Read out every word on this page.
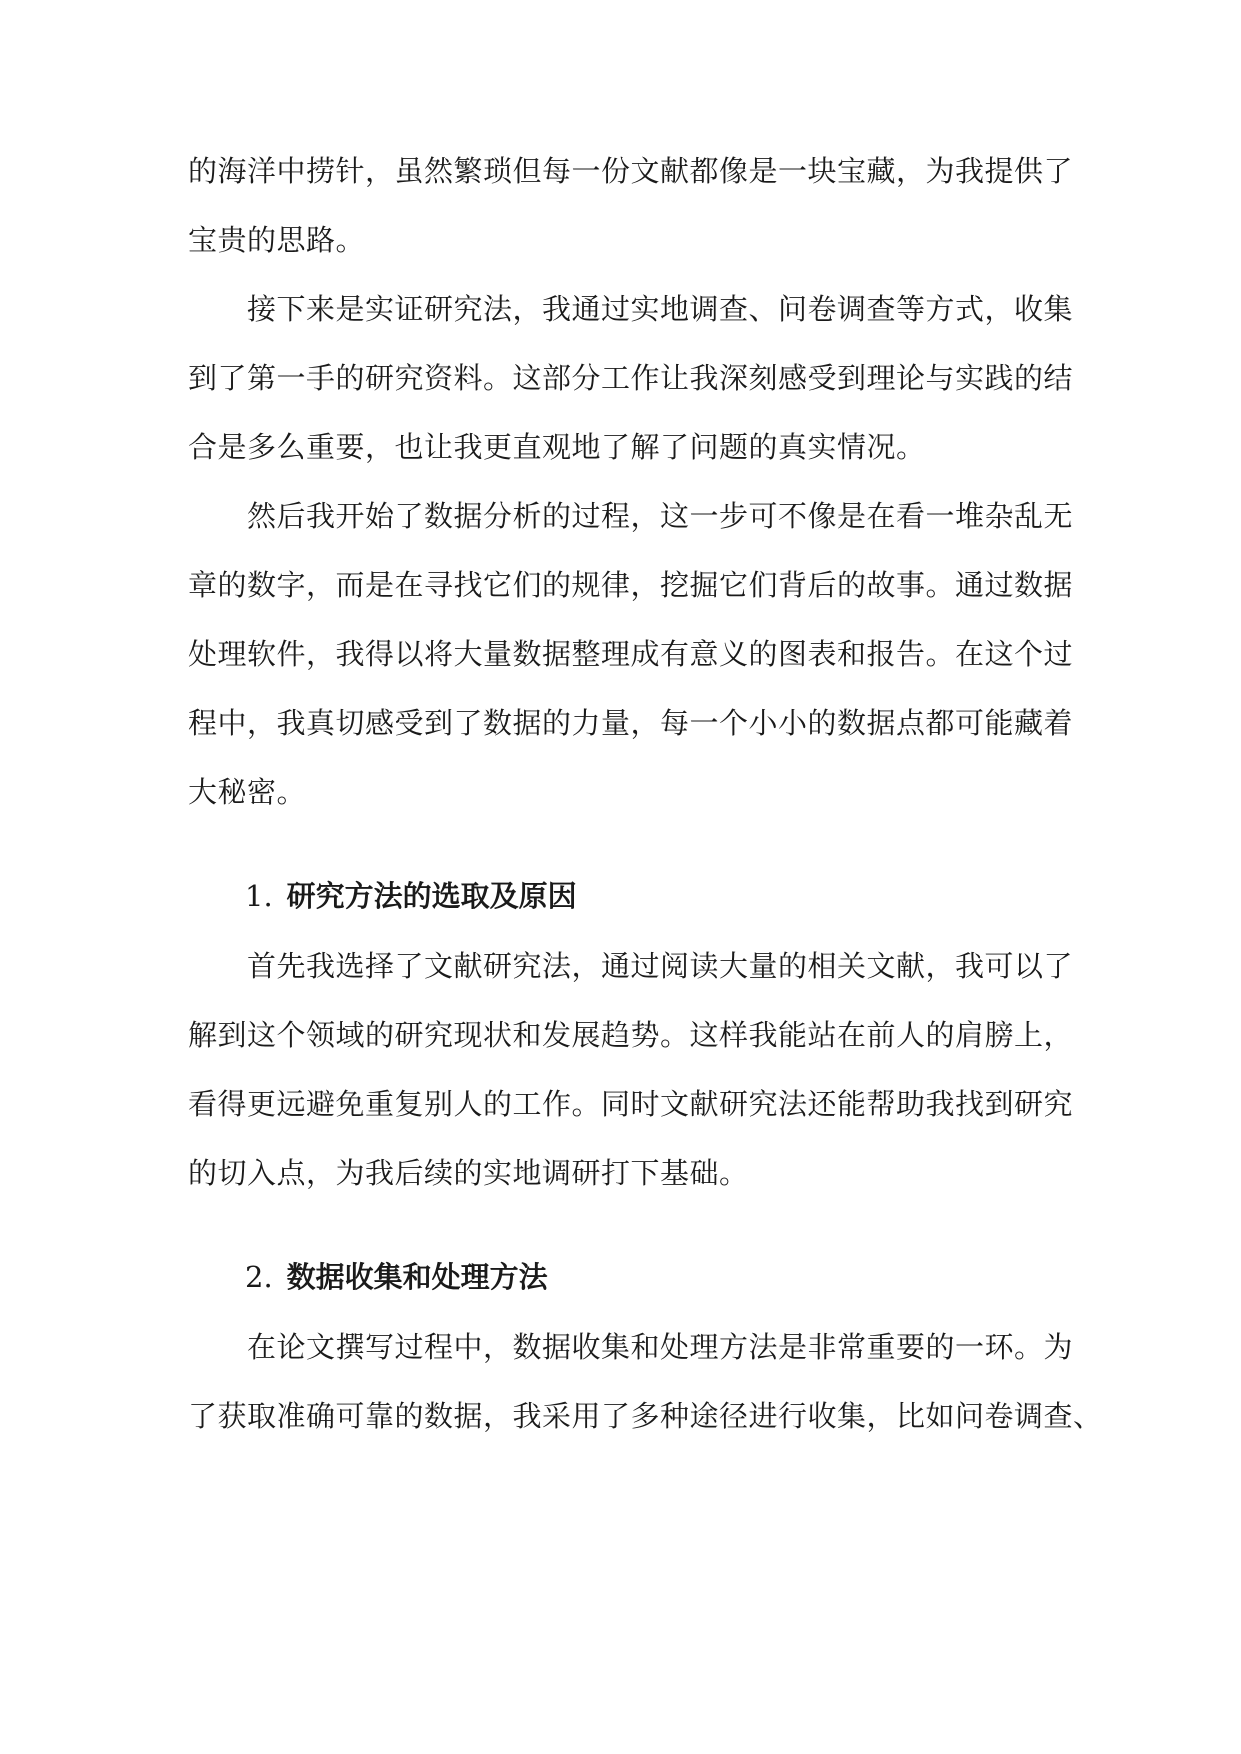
的海洋中捞针，虽然繁琐但每一份文献都像是一块宝藏，为我提供了
宝贵的思路。
　　接下来是实证研究法，我通过实地调查、问卷调查等方式，收集
到了第一手的研究资料。这部分工作让我深刻感受到理论与实践的结
合是多么重要，也让我更直观地了解了问题的真实情况。
　　然后我开始了数据分析的过程，这一步可不像是在看一堆杂乱无
章的数字，而是在寻找它们的规律，挖掘它们背后的故事。通过数据
处理软件，我得以将大量数据整理成有意义的图表和报告。在这个过
程中，我真切感受到了数据的力量，每一个小小的数据点都可能藏着
大秘密。
1. 研究方法的选取及原因
　　首先我选择了文献研究法，通过阅读大量的相关文献，我可以了
解到这个领域的研究现状和发展趋势。这样我能站在前人的肩膀上，
看得更远避免重复别人的工作。同时文献研究法还能帮助我找到研究
的切入点，为我后续的实地调研打下基础。
2. 数据收集和处理方法
　　在论文撰写过程中，数据收集和处理方法是非常重要的一环。为
了获取准确可靠的数据，我采用了多种途径进行收集，比如问卷调查、
